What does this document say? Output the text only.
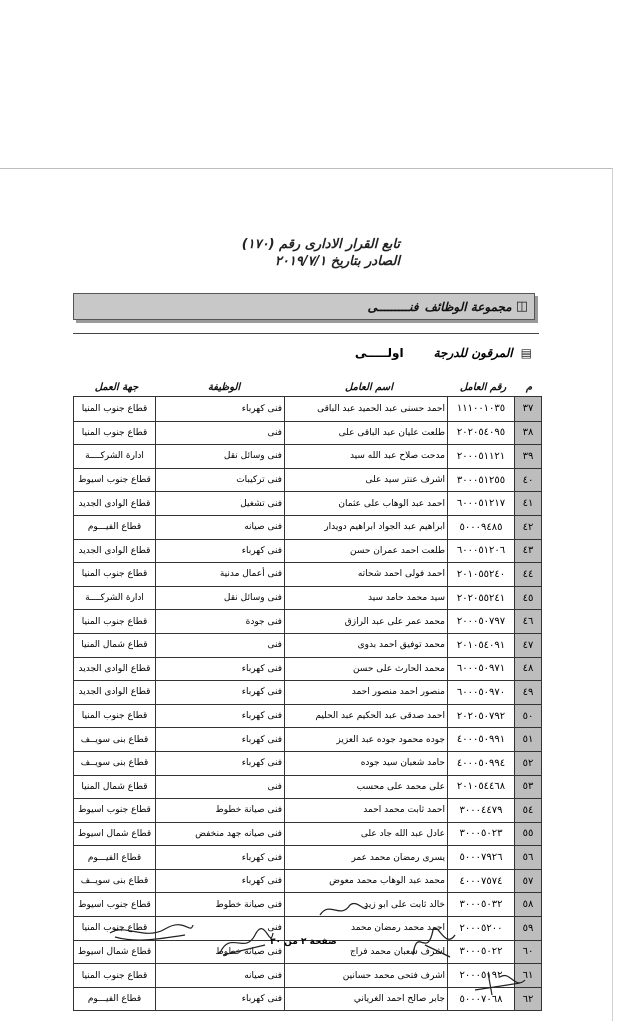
تابع القرار الادارى رقم (١٧٠)
الصادر بتاريخ ٢٠١٩/٧/١
◫
مجموعة الوظائف
فنـــــــــى
▤
المرقون للدرجة
اولـــــى
م
رقم العامل
اسم العامل
الوظيفة
جهة العمل
٣٧
١١١٠٠١٠٣٥
احمد حسنى عبد الحميد عبد الباقى
فنى كهرباء
قطاع جنوب المنيا
٣٨
٢٠٢٠٥٤٠٩٥
طلعت عليان عبد الباقى على
فنى
قطاع جنوب المنيا
٣٩
٢٠٠٠٥١١٢١
مدحت صلاح عبد الله سيد
فنى وسائل نقل
ادارة الشركــــة
٤٠
٣٠٠٠٥١٢٥٥
اشرف عنتر سيد على
فنى تركيبات
قطاع جنوب اسيوط
٤١
٦٠٠٠٥١٢١٧
احمد عبد الوهاب على عثمان
فنى تشغيل
قطاع الوادى الجديد
٤٢
٥٠٠٠٩٤٨٥
ابراهيم عبد الجواد ابراهيم دويدار
فنى صيانه
قطاع الفيـــوم
٤٣
٦٠٠٠٥١٢٠٦
طلعت احمد عمران حسن
فنى كهرباء
قطاع الوادى الجديد
٤٤
٢٠١٠٥٥٢٤٠
احمد فولى احمد شحاته
فنى أعمال مدنية
قطاع جنوب المنيا
٤٥
٢٠٢٠٥٥٢٤١
سيد محمد حامد سيد
فنى وسائل نقل
ادارة الشركــــة
٤٦
٢٠٠٠٥٠٧٩٧
محمد عمر على عبد الرازق
فنى جودة
قطاع جنوب المنيا
٤٧
٢٠١٠٥٤٠٩١
محمد توفيق احمد بدوى
فنى
قطاع شمال المنيا
٤٨
٦٠٠٠٥٠٩٧١
محمد الحارث على حسن
فنى كهرباء
قطاع الوادى الجديد
٤٩
٦٠٠٠٥٠٩٧٠
منصور احمد منصور احمد
فنى كهرباء
قطاع الوادى الجديد
٥٠
٢٠٢٠٥٠٧٩٢
احمد صدقى عبد الحكيم عبد الحليم
فنى كهرباء
قطاع جنوب المنيا
٥١
٤٠٠٠٥٠٩٩١
جوده محمود جوده عبد العزيز
فنى كهرباء
قطاع بنى سويــف
٥٢
٤٠٠٠٥٠٩٩٤
حامد شعبان سيد جوده
فنى كهرباء
قطاع بنى سويــف
٥٣
٢٠١٠٥٤٤٦٨
على محمد على محسب
فنى
قطاع شمال المنيا
٥٤
٣٠٠٠٤٤٧٩
احمد ثابت محمد احمد
فنى صيانة خطوط
قطاع جنوب اسيوط
٥٥
٣٠٠٠٥٠٢٣
عادل عبد الله جاد على
فنى صيانه جهد منخفض
قطاع شمال اسيوط
٥٦
٥٠٠٠٧٩٢٦
يسرى رمضان محمد عمر
فنى كهرباء
قطاع الفيـــوم
٥٧
٤٠٠٠٧٥٧٤
محمد عبد الوهاب محمد معوض
فنى كهرباء
قطاع بنى سويــف
٥٨
٣٠٠٠٥٠٣٢
خالد ثابت على ابو زيد
فنى صيانة خطوط
قطاع جنوب اسيوط
٥٩
٢٠٠٠٥٢٠٠
احمد محمد رمضان محمد
فنى
قطاع جنوب المنيا
٦٠
٣٠٠٠٥٠٢٢
اشرف شعبان محمد فراج
فنى صيانة خطوط
قطاع شمال اسيوط
٦١
٢٠٠٠٥١٩٢
اشرف فتحى محمد حسانين
فنى صيانه
قطاع جنوب المنيا
٦٢
٥٠٠٠٧٠٦٨
جابر صالح احمد الغرياني
فنى كهرباء
قطاع الفيـــوم
صفحة ٢ من ٣٠
